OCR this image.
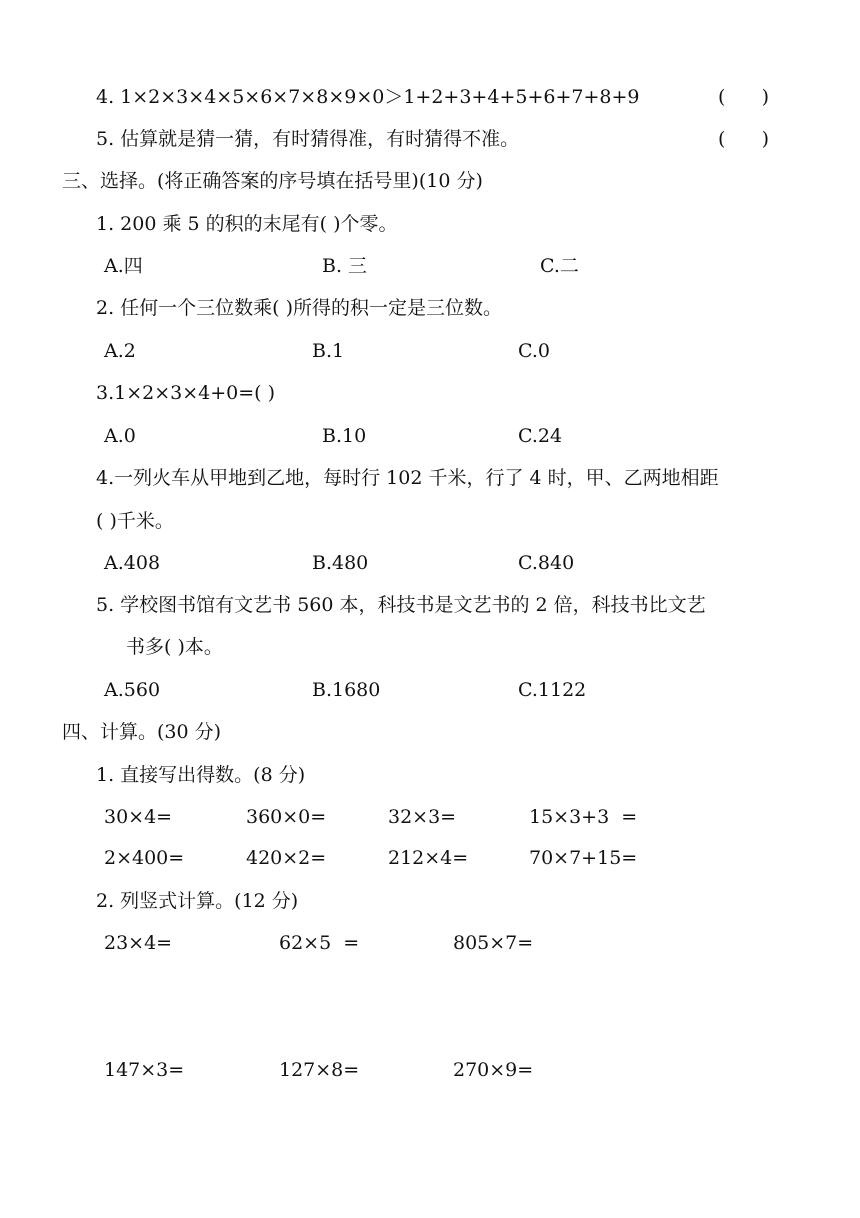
4. 1×2×3×4×5×6×7×8×9×0＞1+2+3+4+5+6+7+8+9	(      )
5. 估算就是猜一猜，有时猜得准，有时猜得不准。	(      )
三、选择。(将正确答案的序号填在括号里)(10 分)
1. 200 乘 5 的积的末尾有( )个零。
A.四	B. 三	C.二
2. 任何一个三位数乘( )所得的积一定是三位数。
A.2	B.1	C.0
3.1×2×3×4+0=( )
A.0	B.10	C.24
4.一列火车从甲地到乙地，每时行 102 千米，行了 4 时，甲、乙两地相距
( )千米。
A.408	B.480	C.840
5. 学校图书馆有文艺书 560 本，科技书是文艺书的 2 倍，科技书比文艺
书多( )本。
A.560	B.1680	C.1122
四、计算。(30 分)
1. 直接写出得数。(8 分)
30×4=	360×0=	32×3=	15×3+3  =
2×400=	420×2=	212×4=	70×7+15=
2. 列竖式计算。(12 分)
23×4=	62×5  =	805×7=
147×3=	127×8=	270×9=
